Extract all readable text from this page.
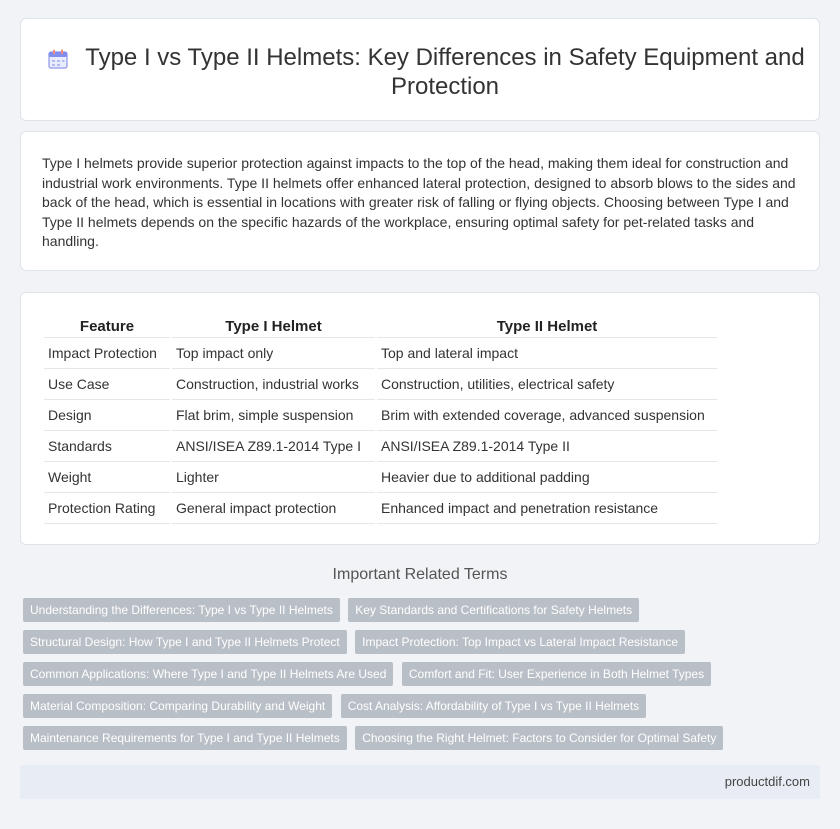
Type I vs Type II Helmets: Key Differences in Safety Equipment and Protection

Type I helmets provide superior protection against impacts to the top of the head, making them ideal for construction and industrial work environments. Type II helmets offer enhanced lateral protection, designed to absorb blows to the sides and back of the head, which is essential in locations with greater risk of falling or flying objects. Choosing between Type I and Type II helmets depends on the specific hazards of the workplace, ensuring optimal safety for pet-related tasks and handling.

Feature	Type I Helmet	Type II Helmet
Impact Protection	Top impact only	Top and lateral impact
Use Case	Construction, industrial works	Construction, utilities, electrical safety
Design	Flat brim, simple suspension	Brim with extended coverage, advanced suspension
Standards	ANSI/ISEA Z89.1-2014 Type I	ANSI/ISEA Z89.1-2014 Type II
Weight	Lighter	Heavier due to additional padding
Protection Rating	General impact protection	Enhanced impact and penetration resistance
Important Related Terms
Understanding the Differences: Type I vs Type II Helmets Key Standards and Certifications for Safety Helmets Structural Design: How Type I and Type II Helmets Protect Impact Protection: Top Impact vs Lateral Impact Resistance Common Applications: Where Type I and Type II Helmets Are Used Comfort and Fit: User Experience in Both Helmet Types Material Composition: Comparing Durability and Weight Cost Analysis: Affordability of Type I vs Type II Helmets Maintenance Requirements for Type I and Type II Helmets Choosing the Right Helmet: Factors to Consider for Optimal Safety
productdif.com
